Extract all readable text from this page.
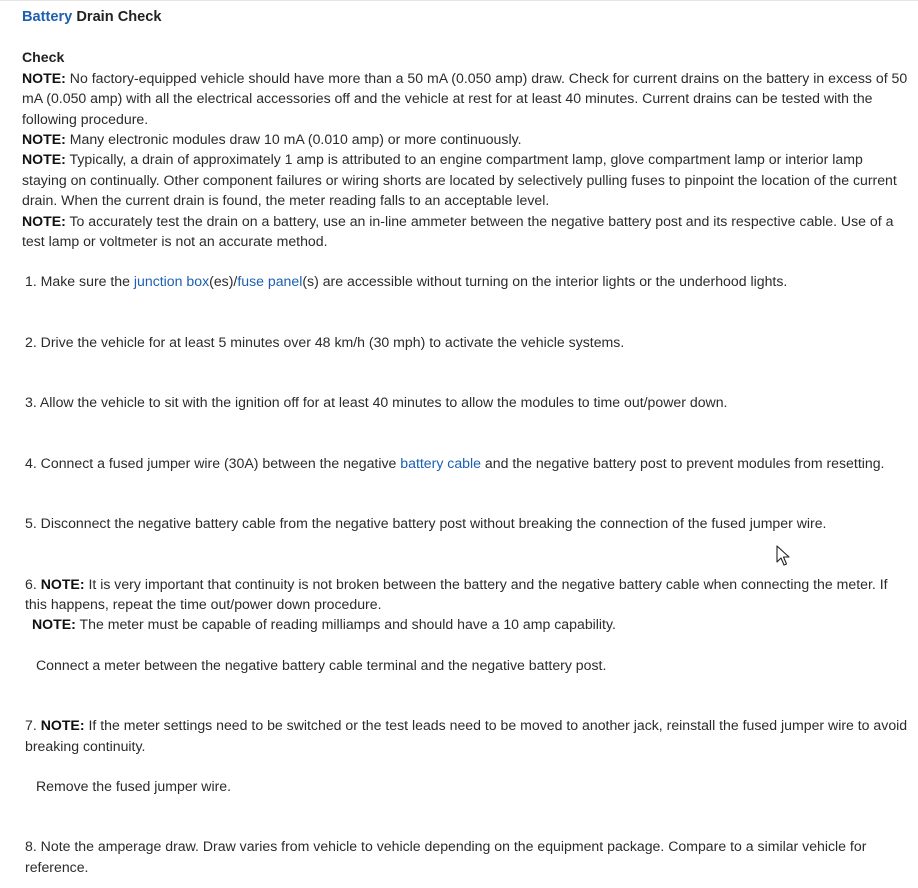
Battery Drain Check
Check

NOTE: No factory-equipped vehicle should have more than a 50 mA (0.050 amp) draw. Check for current drains on the battery in excess of 50 mA (0.050 amp) with all the electrical accessories off and the vehicle at rest for at least 40 minutes. Current drains can be tested with the following procedure.

NOTE: Many electronic modules draw 10 mA (0.010 amp) or more continuously.

NOTE: Typically, a drain of approximately 1 amp is attributed to an engine compartment lamp, glove compartment lamp or interior lamp staying on continually. Other component failures or wiring shorts are located by selectively pulling fuses to pinpoint the location of the current drain. When the current drain is found, the meter reading falls to an acceptable level.

NOTE: To accurately test the drain on a battery, use an in-line ammeter between the negative battery post and its respective cable. Use of a test lamp or voltmeter is not an accurate method.

1. Make sure the junction box(es)/fuse panel(s) are accessible without turning on the interior lights or the underhood lights.

2. Drive the vehicle for at least 5 minutes over 48 km/h (30 mph) to activate the vehicle systems.

3. Allow the vehicle to sit with the ignition off for at least 40 minutes to allow the modules to time out/power down.

4. Connect a fused jumper wire (30A) between the negative battery cable and the negative battery post to prevent modules from resetting.

5. Disconnect the negative battery cable from the negative battery post without breaking the connection of the fused jumper wire.

6. NOTE: It is very important that continuity is not broken between the battery and the negative battery cable when connecting the meter. If this happens, repeat the time out/power down procedure.

NOTE: The meter must be capable of reading milliamps and should have a 10 amp capability.

Connect a meter between the negative battery cable terminal and the negative battery post.

7. NOTE: If the meter settings need to be switched or the test leads need to be moved to another jack, reinstall the fused jumper wire to avoid breaking continuity.

Remove the fused jumper wire.

8. Note the amperage draw. Draw varies from vehicle to vehicle depending on the equipment package. Compare to a similar vehicle for reference.
